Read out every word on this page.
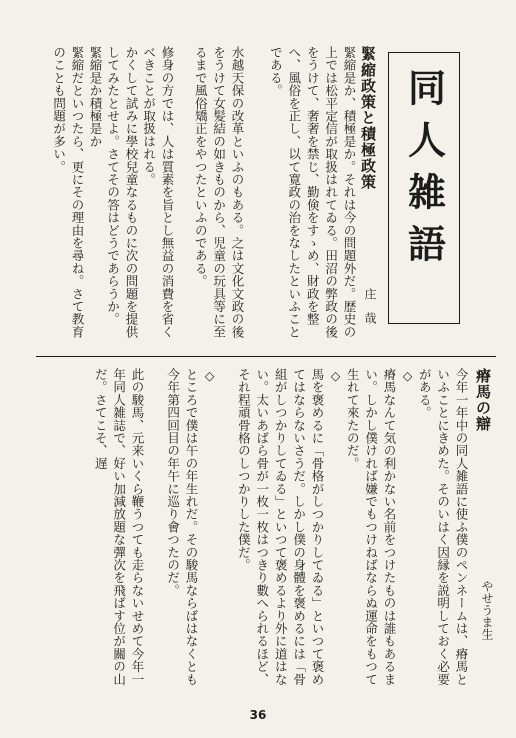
同人雑語
緊縮政策と積極政策
庄　哉
緊縮是か、積極是か。それは今の問題外だ。歴史の上では松平定信が取扱はれてゐる。田沼の弊政の後をうけて、奢奢を禁じ、勤倹をすゝめ、財政を整へ、風俗を正し、以て寛政の治をなしたといふことである。
水越天保の改革といふのもある。之は文化文政の後をうけて女髪結の如きものから、児童の玩具等に至るまで風俗矯正をやつたといふのである。
修身の方では、人は質素を旨とし無益の消費を省くべきことが取扱はれる。
かくして試みに學校兒童なるものに次の問題を提供してみたとせよ。さてその答はどうであらうか。
緊縮是か積極是か
緊縮だといつたら、更にその理由を尋ね。さて教育のことも問題が多い。
瘠馬の辯
やせうま生
今年一年中の同人雑語に使ふ僕のペンネームは、瘠馬といふことにきめた。そのいはく因縁を説明しておく必要がある。
◇
瘠馬なんて気の利かない名前をつけたものは誰もあるまい。しかし僕ければ嫌でもつけねばならぬ運命をもつて生れて來たのだ。
◇
馬を褒めるに「骨格がしつかりしてゐる」といつて褒めてはならないさうだ。しかし僕の身體を褒めるには「骨組がしつかりしてゐる」といつて褒めるより外に道はない。太いあばら骨が一枚一枚はつきり數へられるほど、それ程頑骨格のしつかりした僕だ。
◇
ところで僕は午の年生れだ。その駿馬ならばはなくとも今年第四回目の年午に巡り會つたのだ。
此の駿馬、元来いくら鞭うつても走らないせめて今年一年同人雑誌で、好い加減放題な彈次を飛ばす位が關の山だ。さてこそ、遅
36
